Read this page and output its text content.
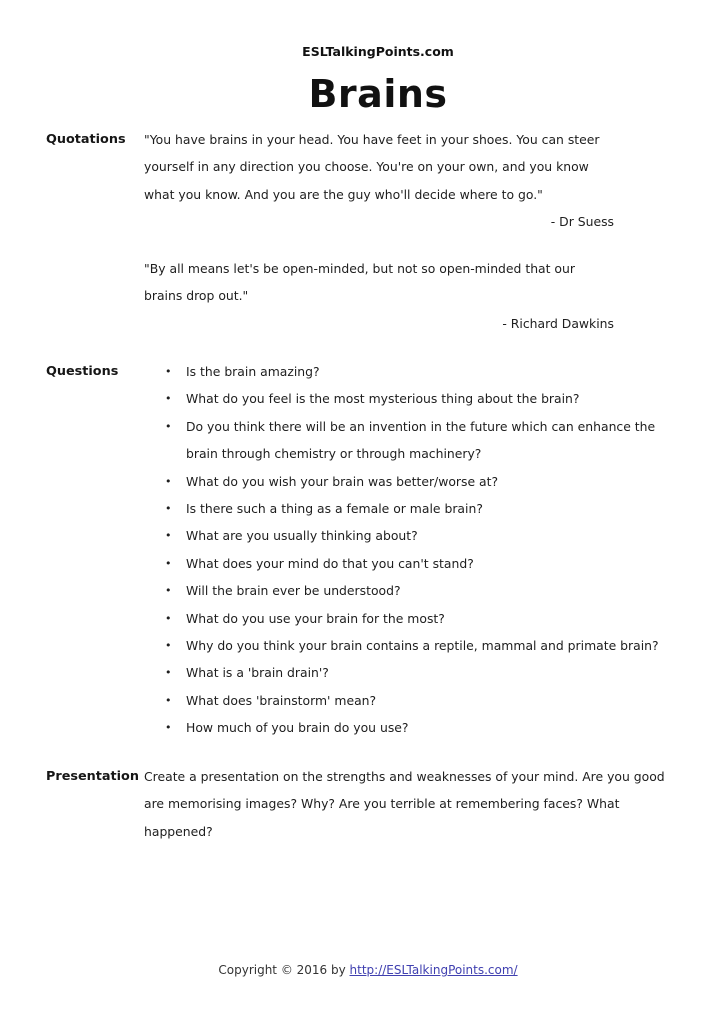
ESLTalkingPoints.com
Brains
Quotations "You have brains in your head. You have feet in your shoes. You can steer
yourself in any direction you choose. You're on your own, and you know
what you know. And you are the guy who'll decide where to go."
- Dr Suess
"By all means let's be open-minded, but not so open-minded that our
brains drop out."
- Richard Dawkins
Questions	•	Is the brain amazing?
•	What do you feel is the most mysterious thing about the brain?
•	Do you think there will be an invention in the future which can enhance the
brain through chemistry or through machinery?
•	What do you wish your brain was better/worse at?
•	Is there such a thing as a female or male brain?
•	What are you usually thinking about?
•	What does your mind do that you can't stand?
•	Will the brain ever be understood?
•	What do you use your brain for the most?
•	Why do you think your brain contains a reptile, mammal and primate brain?
•	What is a 'brain drain'?
•	What does 'brainstorm' mean?
•	How much of you brain do you use?
Presentation Create a presentation on the strengths and weaknesses of your mind. Are you good
are memorising images? Why? Are you terrible at remembering faces? What
happened?
Copyright © 2016 by http://ESLTalkingPoints.com/
